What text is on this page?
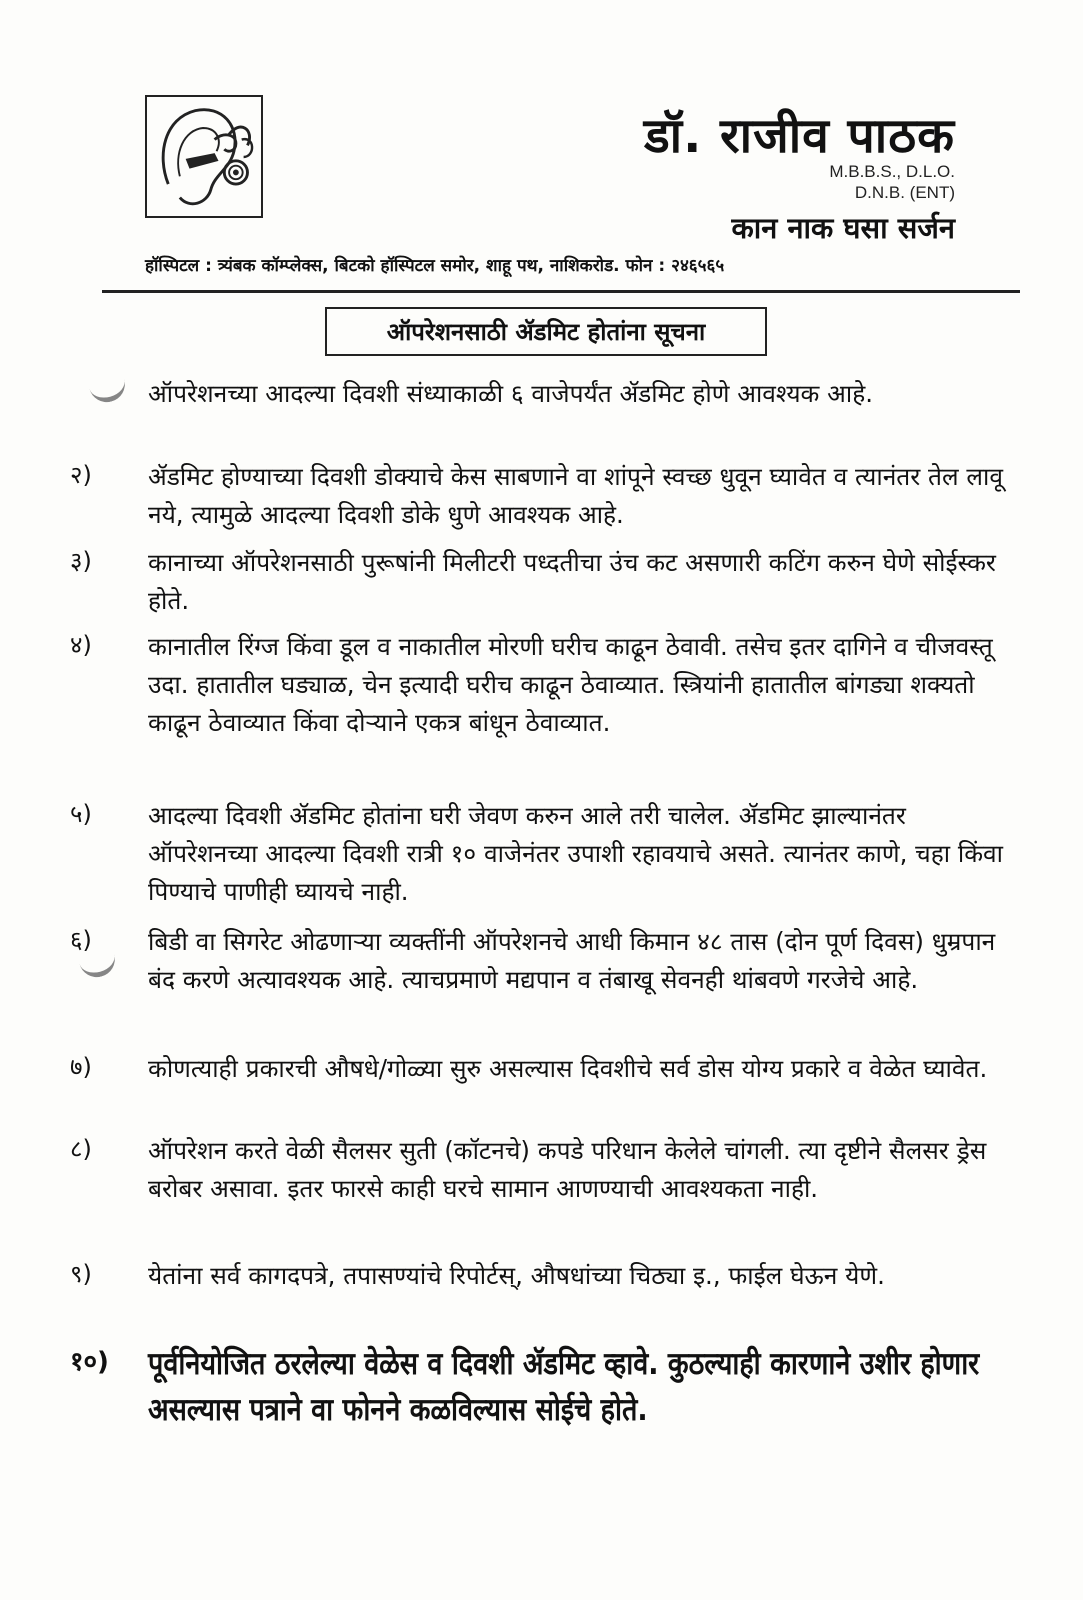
डॉ. राजीव पाठक
M.B.B.S., D.L.O.
D.N.B. (ENT)
कान नाक घसा सर्जन
हॉस्पिटल : त्र्यंबक कॉम्प्लेक्स, बिटको हॉस्पिटल समोर, शाहू पथ, नाशिकरोड. फोन : २४६५६५
ऑपरेशनसाठी ॲडमिट होतांना सूचना
ऑपरेशनच्या आदल्या दिवशी संध्याकाळी ६ वाजेपर्यंत ॲडमिट होणे आवश्यक आहे.
२)	ॲडमिट होण्याच्या दिवशी डोक्याचे केस साबणाने वा शांपूने स्वच्छ धुवून घ्यावेत व त्यानंतर तेल लावू नये, त्यामुळे आदल्या दिवशी डोके धुणे आवश्यक आहे.
३)	कानाच्या ऑपरेशनसाठी पुरूषांनी मिलीटरी पध्दतीचा उंच कट असणारी कटिंग करुन घेणे सोईस्कर होते.
४)	कानातील रिंग्ज किंवा डूल व नाकातील मोरणी घरीच काढून ठेवावी. तसेच इतर दागिने व चीजवस्तू उदा. हातातील घड्याळ, चेन इत्यादी घरीच काढून ठेवाव्यात. स्त्रियांनी हातातील बांगड्या शक्यतो काढून ठेवाव्यात किंवा दोऱ्याने एकत्र बांधून ठेवाव्यात.
५)	आदल्या दिवशी ॲडमिट होतांना घरी जेवण करुन आले तरी चालेल. ॲडमिट झाल्यानंतर ऑपरेशनच्या आदल्या दिवशी रात्री १० वाजेनंतर उपाशी रहावयाचे असते. त्यानंतर काणे, चहा किंवा पिण्याचे पाणीही घ्यायचे नाही.
६)	बिडी वा सिगरेट ओढणाऱ्या व्यक्तींनी ऑपरेशनचे आधी किमान ४८ तास (दोन पूर्ण दिवस) धुम्रपान बंद करणे अत्यावश्यक आहे. त्याचप्रमाणे मद्यपान व तंबाखू सेवनही थांबवणे गरजेचे आहे.
७)	कोणत्याही प्रकारची औषधे/गोळ्या सुरु असल्यास दिवशीचे सर्व डोस योग्य प्रकारे व वेळेत घ्यावेत.
८)	ऑपरेशन करते वेळी सैलसर सुती (कॉटनचे) कपडे परिधान केलेले चांगली. त्या दृष्टीने सैलसर ड्रेस बरोबर असावा. इतर फारसे काही घरचे सामान आणण्याची आवश्यकता नाही.
९)	येतांना सर्व कागदपत्रे, तपासण्यांचे रिपोर्टस्, औषधांच्या चिठ्या इ., फाईल घेऊन येणे.
१०)	पूर्वनियोजित ठरलेल्या वेळेस व दिवशी ॲडमिट व्हावे. कुठल्याही कारणाने उशीर होणार असल्यास पत्राने वा फोनने कळविल्यास सोईचे होते.
